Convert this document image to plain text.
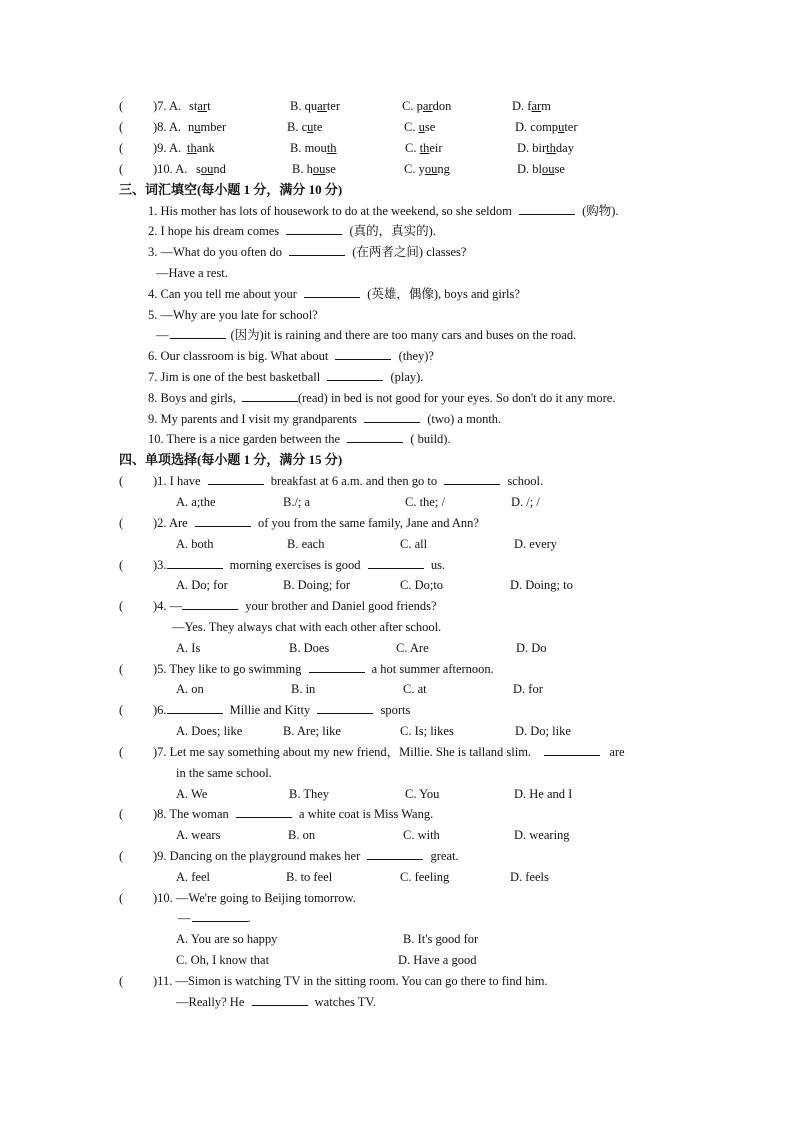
( )7. A. start	B. quarter	C. pardon	D. farm
( )8. A. number	B. cute	C. use	D. computer
( )9. A. thank	B. mouth	C. their	D. birthday
( )10. A. sound	B. house	C. young	D. blouse
三、词汇填空(每小题 1 分，满分 10 分)
1. His mother has lots of housework to do at the weekend, so she seldom	(购物).
2. I hope his dream comes	(真的，真实的).
3. —What do you often do	(在两者之间) classes?
—Have a rest.
4. Can you tell me about your	(英雄，偶像), boys and girls?
5. —Why are you late for school?
—	(因为)it is raining and there are too many cars and buses on the road.
6. Our classroom is big. What about	(they)?
7. Jim is one of the best basketball	(play).
8. Boys and girls,	(read) in bed is not good for your eyes. So don't do it any more.
9. My parents and I visit my grandparents	(two) a month.
10. There is a nice garden between the	( build).
四、单项选择(每小题 1 分，满分 15 分)
( )1. I have	breakfast at 6 a.m. and then go to	school.
A. a;the	B./; a	C. the; /	D. /; /
( )2. Are	of you from the same family, Jane and Ann?
A. both	B. each	C. all	D. every
( )3.	morning exercises is good	us.
A. Do; for	B. Doing; for	C. Do;to	D. Doing; to
( )4. —	your brother and Daniel good friends?
—Yes. They always chat with each other after school.
A. Is	B. Does	C. Are	D. Do
( )5. They like to go swimming	a hot summer afternoon.
A. on	B. in	C. at	D. for
( )6.	Millie and Kitty	sports
A. Does; like	B. Are; like	C. Is; likes	D. Do; like
( )7. Let me say something about my new friend，Millie. She is talland slim.	are
in the same school.
A. We	B. They	C. You	D. He and I
( )8. The woman	a white coat is Miss Wang.
A. wears	B. on	C. with	D. wearing
( )9. Dancing on the playground makes her	great.
A. feel	B. to feel	C. feeling	D. feels
( )10. —We're going to Beijing tomorrow.
—	.
A. You are so happy	B. It's good for
C. Oh, I know that	D. Have a good
( )11. —Simon is watching TV in the sitting room. You can go there to find him.
—Really? He	watches TV.
